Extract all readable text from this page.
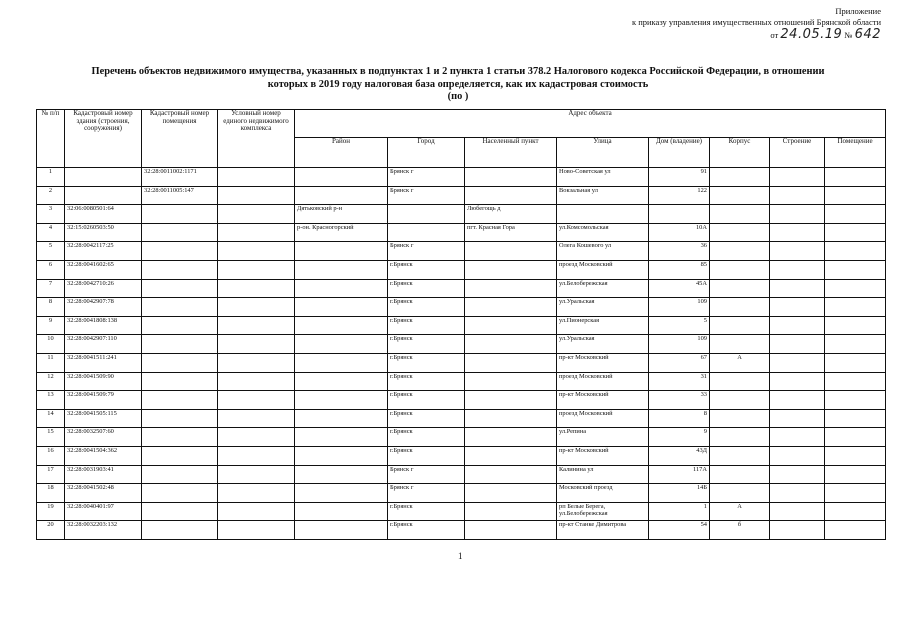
Приложение
к приказу управления имущественных отношений Брянской области
от 24.05.19 № 642
Перечень объектов недвижимого имущества, указанных в подпунктах 1 и 2 пункта 1 статьи 378.2 Налогового кодекса Российской Федерации, в отношении
которых в 2019 году налоговая база определяется, как их кадастровая стоимость
(по )
№ п/п	Кадастровый номер здания (строения, сооружения)	Кадастровый номер помещения	Условный номер единого недвижимого комплекса	Адрес объекта							
				Район	Город	Населенный пункт	Улица	Дом (владение)	Корпус	Строение	Помещение
1		32:28:0011002:1171			Брянск г		Ново-Советская ул	91			
2		32:28:0011005:147			Брянск г		Вокзальная ул	122			
3	32:06:0080501:64			Дятьковский р-н		Любегощь д					
4	32:15:0260503:50			р-он. Красногорский		пгт. Красная Гора	ул.Комсомольская	10А			
5	32:28:0042117:25				Брянск г		Олега Кошевого ул	36			
6	32:28:0041602:65				г.Брянск		проезд Московский	85			
7	32:28:0042710:26				г.Брянск		ул.Белобережская	45А			
8	32:28:0042907:78				г.Брянск		ул.Уральская	109			
9	32:28:0041808:138				г.Брянск		ул.Пионерская	5			
10	32:28:0042907:110				г.Брянск		ул.Уральская	109			
11	32:28:0041511:241				г.Брянск		пр-кт Московский	67	А		
12	32:28:0041509:90				г.Брянск		проезд Московский	31			
13	32:28:0041509:79				г.Брянск		пр-кт Московский	33			
14	32:28:0041505:115				г.Брянск		проезд Московский	8			
15	32:28:0032507:60				г.Брянск		ул.Репина	9			
16	32:28:0041504:362				г.Брянск		пр-кт Московский	43Д			
17	32:28:0031903:41				Брянск г		Калинина ул	117А			
18	32:28:0041502:48				Брянск г		Московский проезд	14Б			
19	32:28:0040401:97				г.Брянск		рп Белые Берега, ул.Белобережская	1	А		
20	32:28:0032203:132				г.Брянск		пр-кт Станке Димитрова	54	б		
1
